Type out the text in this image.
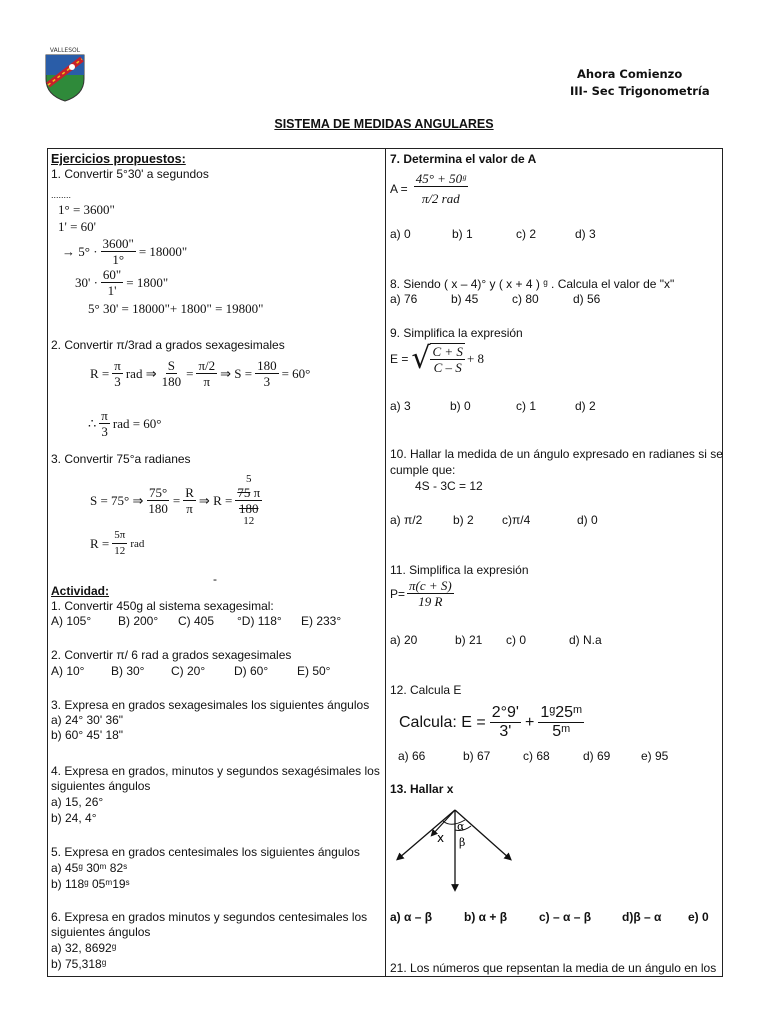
VALLESOL
Ahora Comienzo
III- Sec Trigonometría
SISTEMA DE MEDIDAS ANGULARES
Ejercicios propuestos:
1. Convertir 5°30' a segundos
........
1° = 3600"
1' = 60'
→ $5^\circ \cdot \frac{3600"}{1^\circ} = 18000$"
$30' \cdot \frac{60"}{1'} = 1800$"
5° 30' = 18000"+ 1800" = 19800"
2. Convertir π/3rad a grados sexagesimales
$R = \frac{\pi}{3}$ rad ⇒ $\frac{S}{180} = \frac{\pi/2}{\pi}$ ⇒ $S = \frac{180}{3} = 60^\circ$
∴ $\frac{\pi}{3}$ rad = 60°
3. Convertir 75°a radianes
S = 75° ⇒ $\frac{75^\circ}{180} = \frac{R}{\pi}$ ⇒ R =
5
$\frac{75 \pi}{180}$
12
$R = \frac{5\pi}{12}$ rad
-
Actividad:
1. Convertir 450g al sistema sexagesimal:
A) 105° B) 200° C) 405 °D) 118° E) 233°
2. Convertir π/ 6 rad a grados sexagesimales
A) 10° B) 30° C) 20° D) 60° E) 50°
3. Expresa en grados sexagesimales los siguientes ángulos
a) 24° 30' 36"
b) 60° 45' 18"
4. Expresa en grados, minutos y segundos sexagésimales los
siguientes ángulos
a) 15, 26°
b) 24, 4°
5. Expresa en grados centesimales los siguientes ángulos
a) 45ᵍ 30ᵐ 82ˢ
b) 118ᵍ 05ᵐ19ˢ
6. Expresa en grados minutos y segundos centesimales los
siguientes ángulos
a) 32, 8692ᵍ
b) 75,318ᵍ
7. Determina el valor de A
$A = \frac{\text{45° + 50ᵍ}}{\text{π/2 rad}}$
a) 0	b) 1	c) 2	d) 3
8. Siendo ( x – 4)° y ( x + 4 ) ᵍ . Calcula el valor de "x"
a) 76	b) 45	c) 80	d) 56
9. Simplifica la expresión
E = √ $\frac{C + S}{C - S} + 8$
a) 3	b) 0	c) 1	d) 2
10. Hallar la medida de un ángulo expresado en radianes si se
cumple que:
4S - 3C = 12
a) π/2	b) 2 c)π/4	d) 0
11. Simplifica la expresión
$P= \frac{\pi(c + S)}{19 R}$
a) 20	b) 21 c) 0	d) N.a
12. Calcula E
Calcula: $E = \frac{2^\circ 9'}{3'} + \frac{\text{1ᵍ25ᵐ}}{\text{5ᵐ}}$
a) 66	b) 67	c) 68	d) 69	e) 95
13. Hallar x
x
α
β
a) α – β	b) α + β	c) – α – β	d)β – α e) 0
21. Los números que repsentan la media de un ángulo en los
